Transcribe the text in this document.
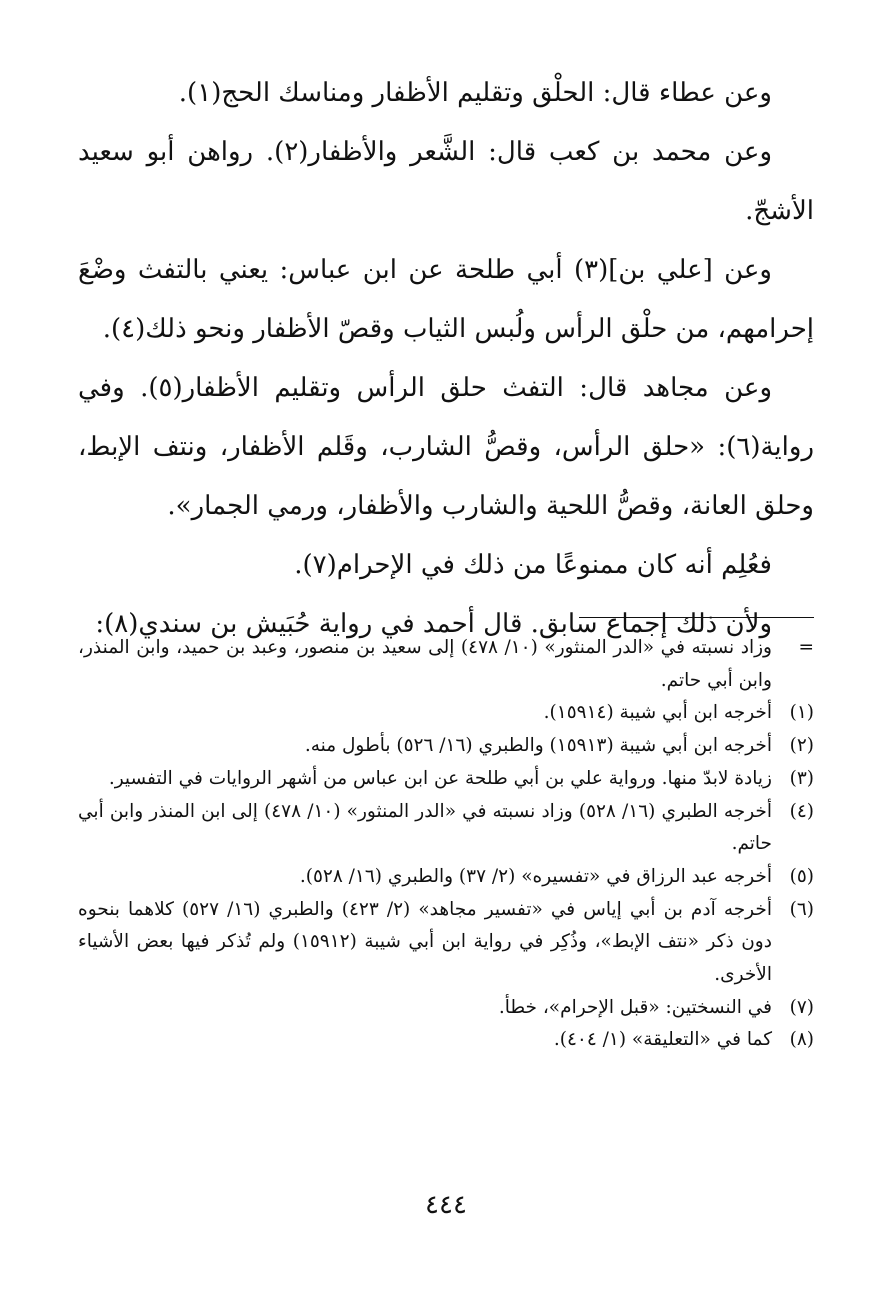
وعن عطاء قال: الحلْق وتقليم الأظفار ومناسك الحج(١).

وعن محمد بن كعب قال: الشَّعر والأظفار(٢). رواهن أبو سعيد الأشجّ.

وعن [علي بن](٣) أبي طلحة عن ابن عباس: يعني بالتفث وضْعَ إحرامهم، من حلْق الرأس ولُبس الثياب وقصّ الأظفار ونحو ذلك(٤).

وعن مجاهد قال: التفث حلق الرأس وتقليم الأظفار(٥). وفي رواية(٦): «حلق الرأس، وقصُّ الشارب، وقَلم الأظفار، ونتف الإبط، وحلق العانة، وقصُّ اللحية والشارب والأظفار، ورمي الجمار».

فعُلِم أنه كان ممنوعًا من ذلك في الإحرام(٧).

ولأن ذلك إجماع سابق. قال أحمد في رواية حُبَيش بن سندي(٨):

=
وزاد نسبته في «الدر المنثور» (١٠/ ٤٧٨) إلى سعيد بن منصور، وعبد بن حميد، وابن المنذر، وابن أبي حاتم.
(١)
أخرجه ابن أبي شيبة (١٥٩١٤).
(٢)
أخرجه ابن أبي شيبة (١٥٩١٣) والطبري (١٦/ ٥٢٦) بأطول منه.
(٣)
زيادة لابدّ منها. ورواية علي بن أبي طلحة عن ابن عباس من أشهر الروايات في التفسير.
(٤)
أخرجه الطبري (١٦/ ٥٢٨) وزاد نسبته في «الدر المنثور» (١٠/ ٤٧٨) إلى ابن المنذر وابن أبي حاتم.
(٥)
أخرجه عبد الرزاق في «تفسيره» (٢/ ٣٧) والطبري (١٦/ ٥٢٨).
(٦)
أخرجه آدم بن أبي إياس في «تفسير مجاهد» (٢/ ٤٢٣) والطبري (١٦/ ٥٢٧) كلاهما بنحوه دون ذكر «نتف الإبط»، وذُكِر في رواية ابن أبي شيبة (١٥٩١٢) ولم تُذكر فيها بعض الأشياء الأخرى.
(٧)
في النسختين: «قبل الإحرام»، خطأ.
(٨)
كما في «التعليقة» (١/ ٤٠٤).
٤٤٤
